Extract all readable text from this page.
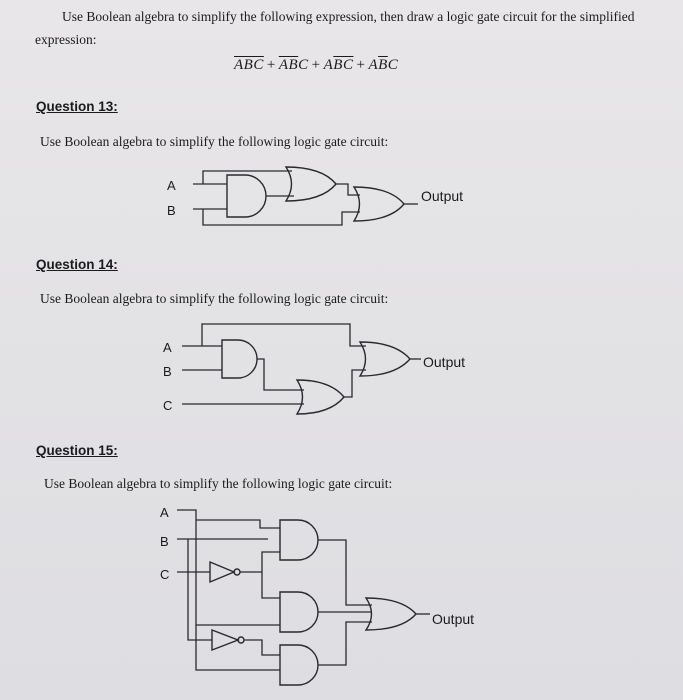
Use Boolean algebra to simplify the following expression, then draw a logic gate circuit for the simplified
expression:
$\overline{ABC} + \overline{AB}C + A\overline{BC} + A\overline{B}C$
Question 13:
Use Boolean algebra to simplify the following logic gate circuit:
A
B
Output
Question 14:
Use Boolean algebra to simplify the following logic gate circuit:
A
B
C
Output
Question 15:
Use Boolean algebra to simplify the following logic gate circuit:
A
B
C
Output
